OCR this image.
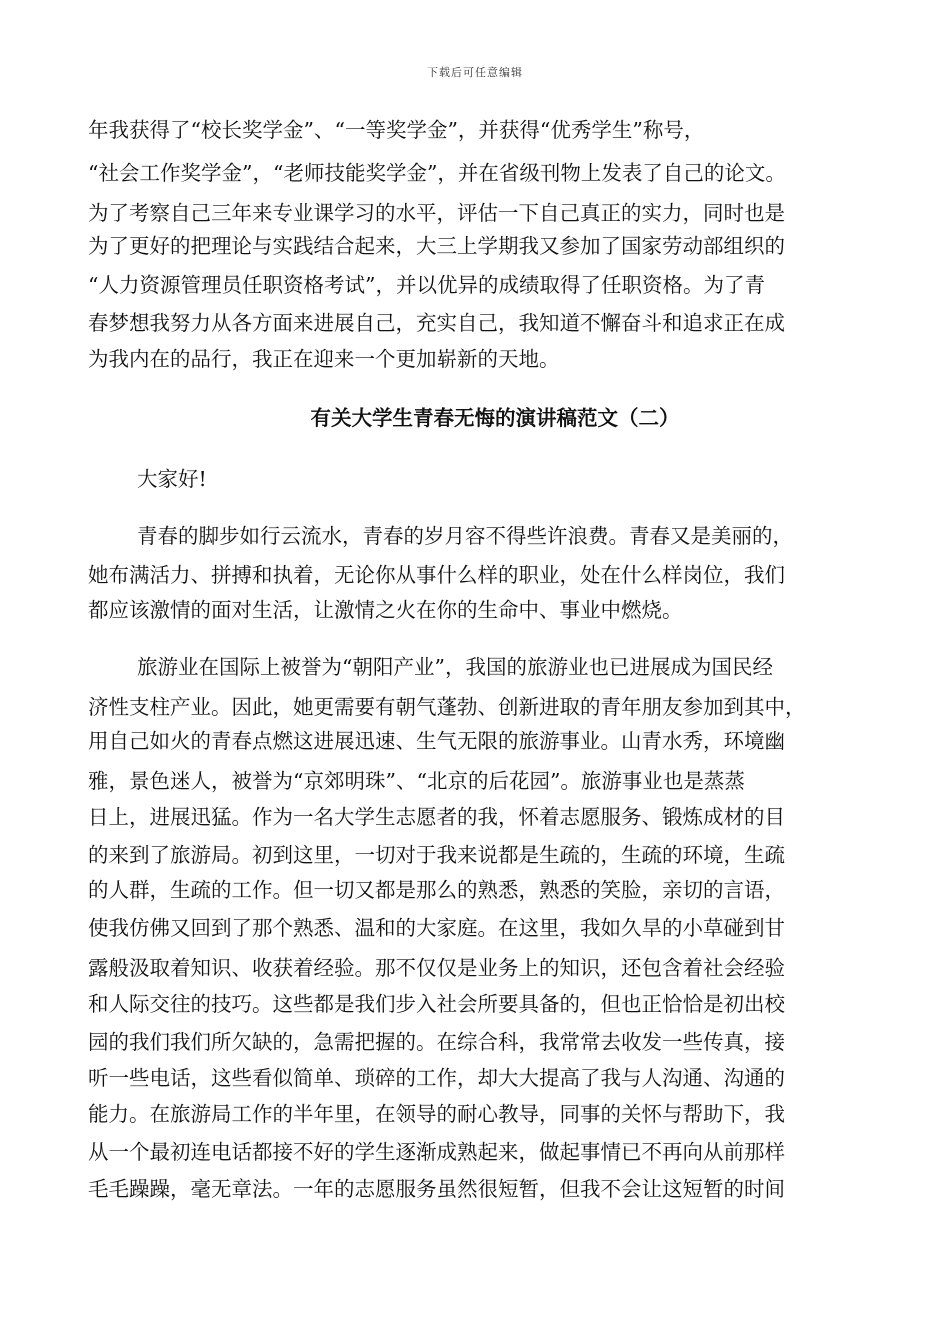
下载后可任意编辑
年我获得了“校长奖学金”、“一等奖学金”，并获得“优秀学生”称号，
“社会工作奖学金”，“老师技能奖学金”，并在省级刊物上发表了自己的论文。
为了考察自己三年来专业课学习的水平，评估一下自己真正的实力，同时也是
为了更好的把理论与实践结合起来，大三上学期我又参加了国家劳动部组织的
“人力资源管理员任职资格考试”，并以优异的成绩取得了任职资格。为了青
春梦想我努力从各方面来进展自己，充实自己，我知道不懈奋斗和追求正在成
为我内在的品行，我正在迎来一个更加崭新的天地。
有关大学生青春无悔的演讲稿范文（二）
大家好!
青春的脚步如行云流水，青春的岁月容不得些许浪费。青春又是美丽的，
她布满活力、拼搏和执着，无论你从事什么样的职业，处在什么样岗位，我们
都应该激情的面对生活，让激情之火在你的生命中、事业中燃烧。
旅游业在国际上被誉为“朝阳产业”，我国的旅游业也已进展成为国民经
济性支柱产业。因此，她更需要有朝气蓬勃、创新进取的青年朋友参加到其中，
用自己如火的青春点燃这进展迅速、生气无限的旅游事业。山青水秀，环境幽
雅，景色迷人，被誉为“京郊明珠”、“北京的后花园”。旅游事业也是蒸蒸
日上，进展迅猛。作为一名大学生志愿者的我，怀着志愿服务、锻炼成材的目
的来到了旅游局。初到这里，一切对于我来说都是生疏的，生疏的环境，生疏
的人群，生疏的工作。但一切又都是那么的熟悉，熟悉的笑脸，亲切的言语，
使我仿佛又回到了那个熟悉、温和的大家庭。在这里，我如久旱的小草碰到甘
露般汲取着知识、收获着经验。那不仅仅是业务上的知识，还包含着社会经验
和人际交往的技巧。这些都是我们步入社会所要具备的，但也正恰恰是初出校
园的我们我们所欠缺的，急需把握的。在综合科，我常常去收发一些传真，接
听一些电话，这些看似简单、琐碎的工作，却大大提高了我与人沟通、沟通的
能力。在旅游局工作的半年里，在领导的耐心教导，同事的关怀与帮助下，我
从一个最初连电话都接不好的学生逐渐成熟起来，做起事情已不再向从前那样
毛毛躁躁，毫无章法。一年的志愿服务虽然很短暂，但我不会让这短暂的时间
